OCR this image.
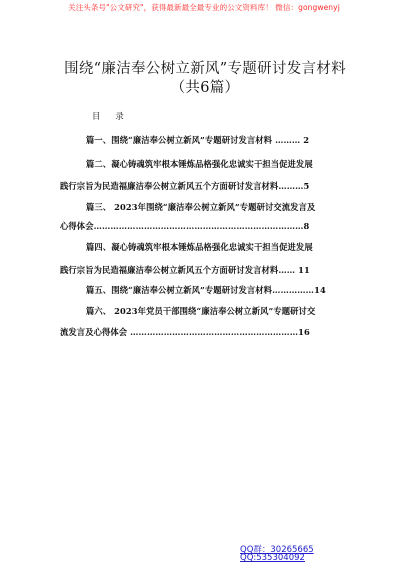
关注头条号"公文研究"，获得最新最全最专业的公文资料库！ 微信：gongwenyj
围绕“廉洁奉公树立新风”专题研讨发言材料（共6篇）
目 录
篇一、围绕“廉洁奉公树立新风”专题研讨发言材料 ……… 2
篇二、凝心铸魂筑牢根本锤炼品格强化忠诚实干担当促进发展
践行宗旨为民造福廉洁奉公树立新风五个方面研讨发言材料………5
篇三、 2023年围绕“廉洁奉公树立新风”专题研讨交流发言及
心得体会…………………………………………………………………8
篇四、凝心铸魂筑牢根本锤炼品格强化忠诚实干担当促进发展
践行宗旨为民造福廉洁奉公树立新风五个方面研讨发言材料…… 11
篇五、围绕“廉洁奉公树立新风”专题研讨发言材料……………14
篇六、 2023年党员干部围绕“廉洁奉公树立新风”专题研讨交
流发言及心得体会 ……………………………………………………16
QQ群：30265665
QQ:535304092
